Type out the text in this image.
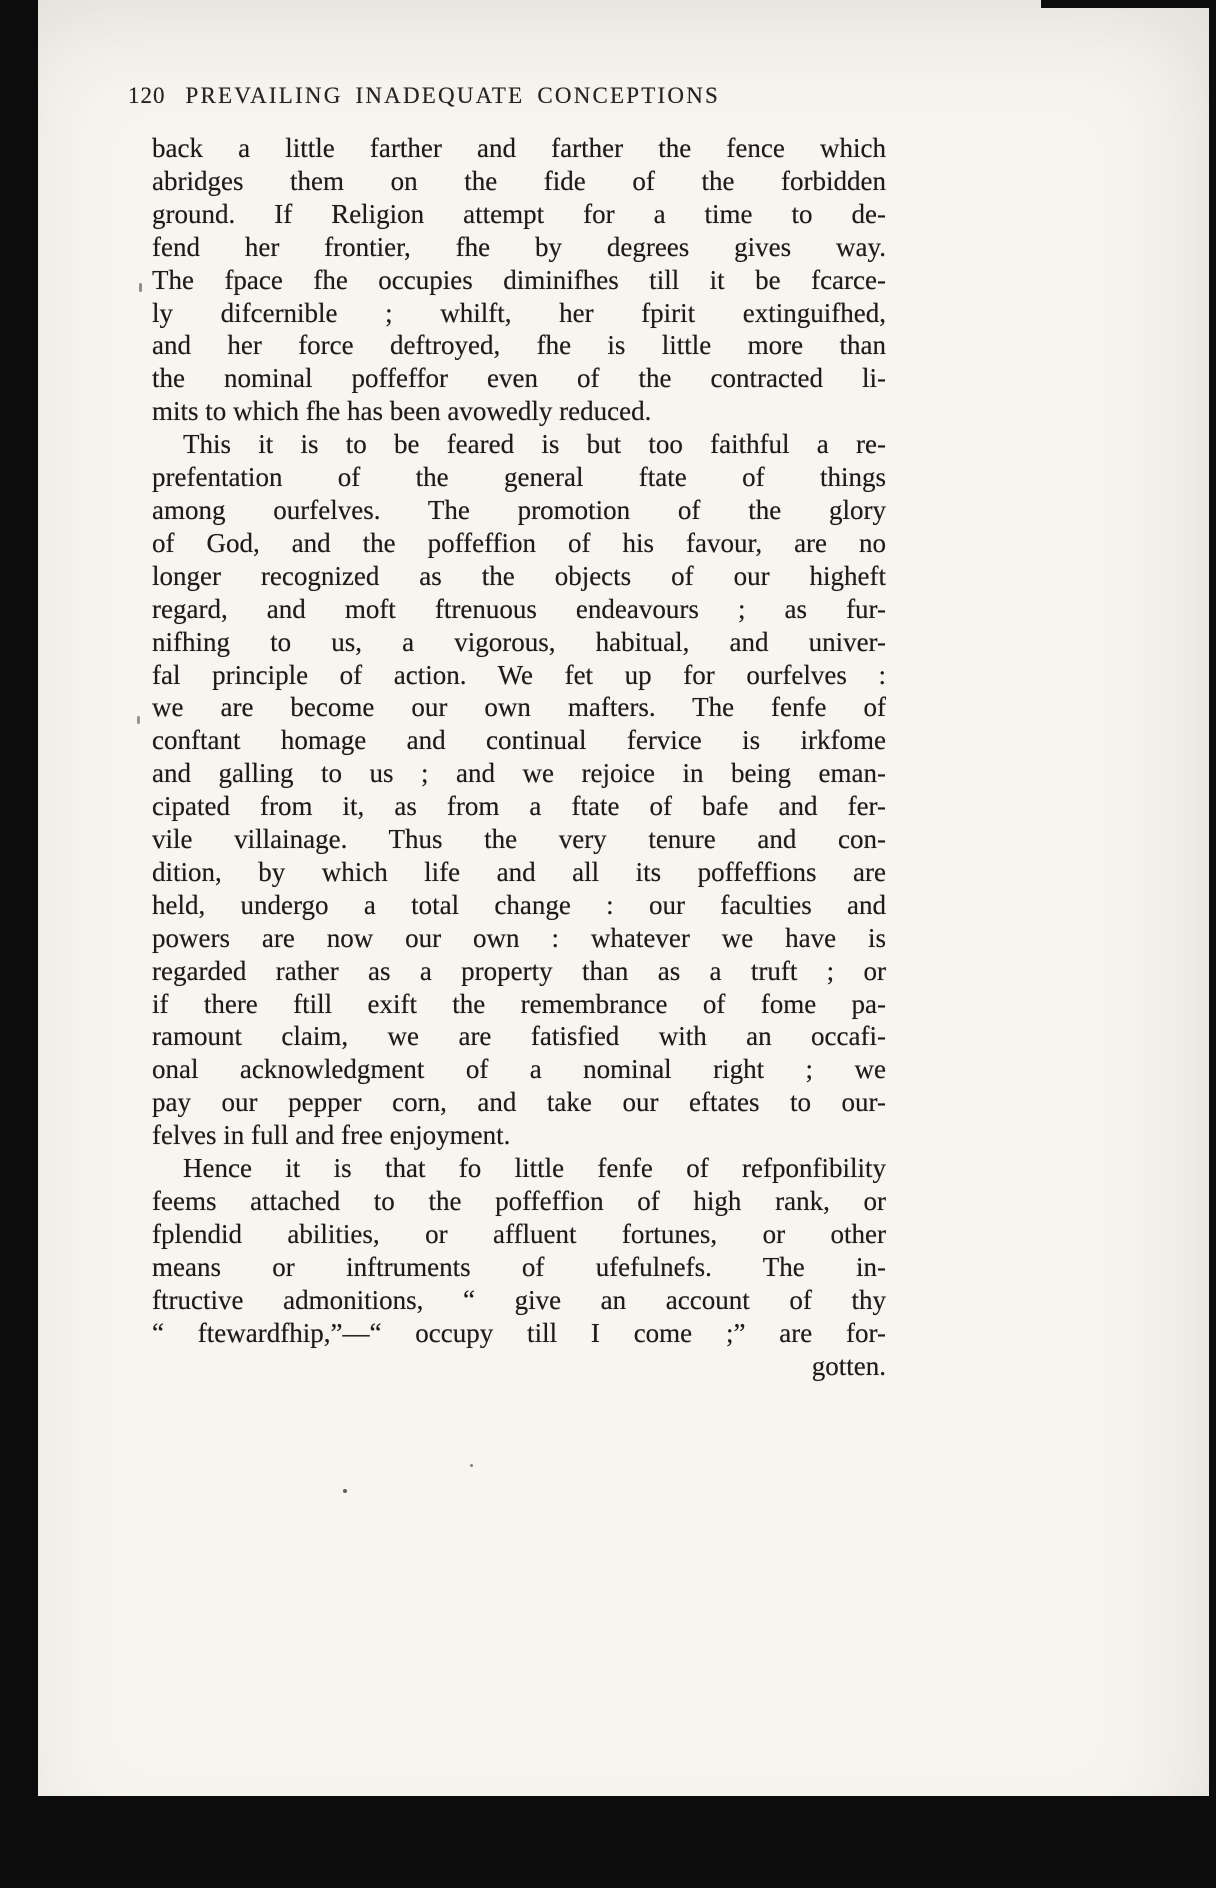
120 PREVAILING INADEQUATE CONCEPTIONS
back a little farther and farther the fence which
abridges them on the fide of the forbidden
ground. If Religion attempt for a time to de-
fend her frontier, fhe by degrees gives way.
The fpace fhe occupies diminifhes till it be fcarce-
ly difcernible ; whilft, her fpirit extinguifhed,
and her force deftroyed, fhe is little more than
the nominal poffeffor even of the contracted li-
mits to which fhe has been avowedly reduced.
This it is to be feared is but too faithful a re-
prefentation of the general ftate of things
among ourfelves. The promotion of the glory
of God, and the poffeffion of his favour, are no
longer recognized as the objects of our higheft
regard, and moft ftrenuous endeavours ; as fur-
nifhing to us, a vigorous, habitual, and univer-
fal principle of action. We fet up for ourfelves :
we are become our own mafters. The fenfe of
conftant homage and continual fervice is irkfome
and galling to us ; and we rejoice in being eman-
cipated from it, as from a ftate of bafe and fer-
vile villainage. Thus the very tenure and con-
dition, by which life and all its poffeffions are
held, undergo a total change : our faculties and
powers are now our own : whatever we have is
regarded rather as a property than as a truft ; or
if there ftill exift the remembrance of fome pa-
ramount claim, we are fatisfied with an occafi-
onal acknowledgment of a nominal right ; we
pay our pepper corn, and take our eftates to our-
felves in full and free enjoyment.
Hence it is that fo little fenfe of refponfibility
feems attached to the poffeffion of high rank, or
fplendid abilities, or affluent fortunes, or other
means or inftruments of ufefulnefs. The in-
ftructive admonitions, “ give an account of thy
“ ftewardfhip,”—“ occupy till I come ;” are for-
gotten.
